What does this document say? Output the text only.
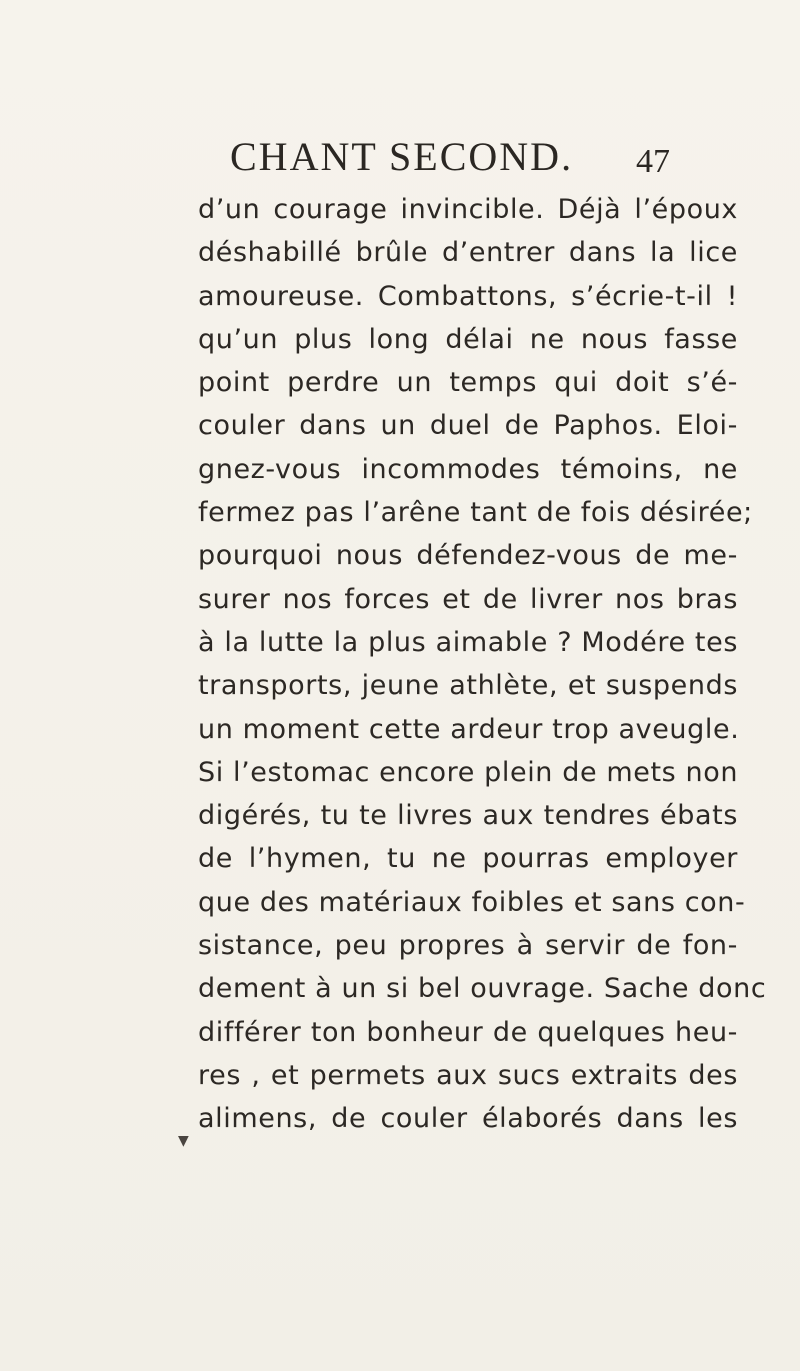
CHANT SECOND. 47
d’un courage invincible. Déjà l’époux
déshabillé brûle d’entrer dans la lice
amoureuse. Combattons, s’écrie-t-il !
qu’un plus long délai ne nous fasse
point perdre un temps qui doit s’é-
couler dans un duel de Paphos. Eloi-
gnez-vous incommodes témoins, ne
fermez pas l’arêne tant de fois désirée;
pourquoi nous défendez-vous de me-
surer nos forces et de livrer nos bras
à la lutte la plus aimable ? Modére tes
transports, jeune athlète, et suspends
un moment cette ardeur trop aveugle.
Si l’estomac encore plein de mets non
digérés, tu te livres aux tendres ébats
de l’hymen, tu ne pourras employer
que des matériaux foibles et sans con-
sistance, peu propres à servir de fon-
dement à un si bel ouvrage. Sache donc
différer ton bonheur de quelques heu-
res , et permets aux sucs extraits des
alimens, de couler élaborés dans les
▼
